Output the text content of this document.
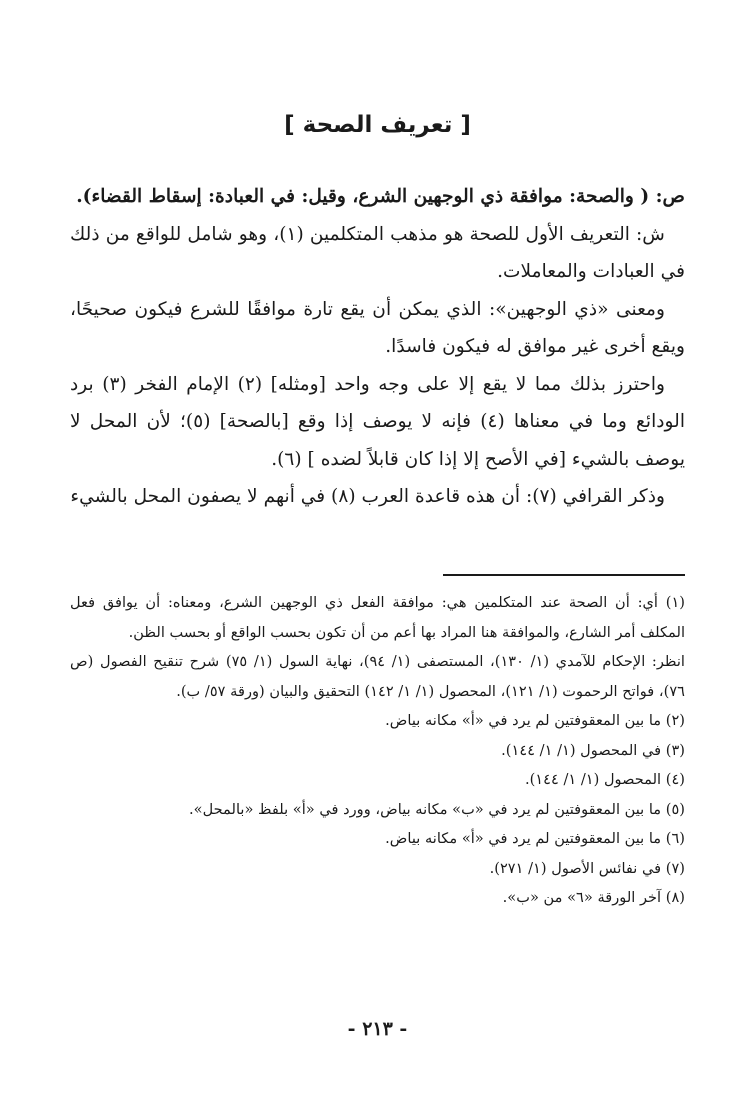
[ تعريف الصحة ]

ص: ( والصحة: موافقة ذي الوجهين الشرع، وقيل: في العبادة: إسقاط القضاء).

ش: التعريف الأول للصحة هو مذهب المتكلمين (١)، وهو شامل للواقع من ذلك في العبادات والمعاملات.

ومعنى «ذي الوجهين»: الذي يمكن أن يقع تارة موافقًا للشرع فيكون صحيحًا، ويقع أخرى غير موافق له فيكون فاسدًا.

واحترز بذلك مما لا يقع إلا على وجه واحد [ومثله] (٢) الإمام الفخر (٣) برد الودائع وما في معناها (٤) فإنه لا يوصف إذا وقع [بالصحة] (٥)؛ لأن المحل لا يوصف بالشيء [في الأصح إلا إذا كان قابلاً لضده ] (٦).

وذكر القرافي (٧): أن هذه قاعدة العرب (٨) في أنهم لا يصفون المحل بالشيء

(١) أي: أن الصحة عند المتكلمين هي: موافقة الفعل ذي الوجهين الشرع، ومعناه: أن يوافق فعل المكلف أمر الشارع، والموافقة هنا المراد بها أعم من أن تكون بحسب الواقع أو بحسب الظن.

انظر: الإحكام للآمدي (١/ ١٣٠)، المستصفى (١/ ٩٤)، نهاية السول (١/ ٧٥) شرح تنقيح الفصول (ص ٧٦)، فواتح الرحموت (١/ ١٢١)، المحصول (١/ ١/ ١٤٢) التحقيق والبيان (ورقة ٥٧/ ب).

(٢) ما بين المعقوفتين لم يرد في «أ» مكانه بياض.

(٣) في المحصول (١/ ١/ ١٤٤).

(٤) المحصول (١/ ١/ ١٤٤).

(٥) ما بين المعقوفتين لم يرد في «ب» مكانه بياض، وورد في «أ» بلفظ «بالمحل».

(٦) ما بين المعقوفتين لم يرد في «أ» مكانه بياض.

(٧) في نفائس الأصول (١/ ٢٧١).

(٨) آخر الورقة «٦» من «ب».

- ٢١٣ -
